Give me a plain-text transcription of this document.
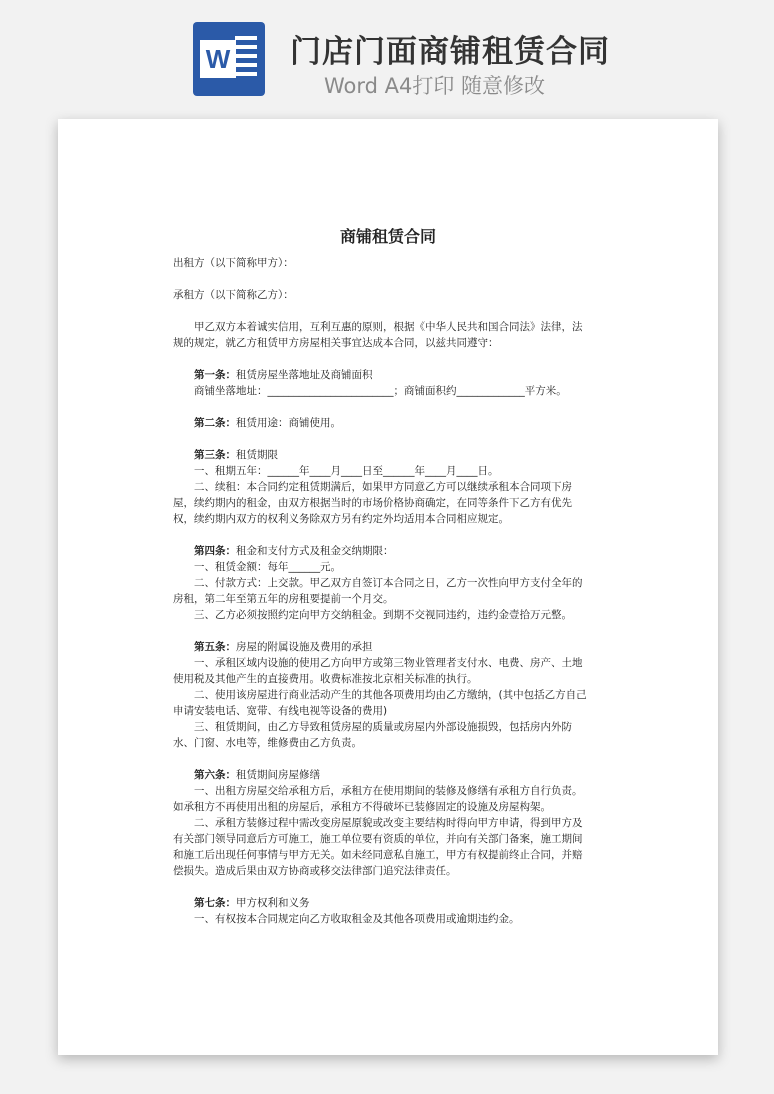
W 门店门面商铺租赁合同
Word A4打印 随意修改
商铺租赁合同

出租方（以下简称甲方）：

承租方（以下简称乙方）：

甲乙双方本着诚实信用，互利互惠的原则，根据《中华人民共和国合同法》法律，法

规的规定，就乙方租赁甲方房屋相关事宜达成本合同，以兹共同遵守：

第一条：租赁房屋坐落地址及商铺面积

商铺坐落地址：________________________；商铺面积约_____________平方米。

第二条：租赁用途：商铺使用。

第三条：租赁期限

一、租期五年：______年____月____日至______年____月____日。

二、续租：本合同约定租赁期满后，如果甲方同意乙方可以继续承租本合同项下房

屋，续约期内的租金，由双方根据当时的市场价格协商确定，在同等条件下乙方有优先

权，续约期内双方的权利义务除双方另有约定外均适用本合同相应规定。

第四条：租金和支付方式及租金交纳期限：

一、租赁金额：每年______元。

二、付款方式：上交款。甲乙双方自签订本合同之日，乙方一次性向甲方支付全年的

房租，第二年至第五年的房租要提前一个月交。

三、乙方必须按照约定向甲方交纳租金。到期不交视同违约，违约金壹拾万元整。

第五条：房屋的附属设施及费用的承担

一、承租区域内设施的使用乙方向甲方或第三物业管理者支付水、电费、房产、土地

使用税及其他产生的直接费用。收费标准按北京相关标准的执行。

二、使用该房屋进行商业活动产生的其他各项费用均由乙方缴纳，(其中包括乙方自己

申请安装电话、宽带、有线电视等设备的费用)

三、租赁期间，由乙方导致租赁房屋的质量或房屋内外部设施损毁，包括房内外防

水、门窗、水电等，维修费由乙方负责。

第六条：租赁期间房屋修缮

一、出租方房屋交给承租方后，承租方在使用期间的装修及修缮有承租方自行负责。

如承租方不再使用出租的房屋后，承租方不得破坏已装修固定的设施及房屋构架。

二、承租方装修过程中需改变房屋原貌或改变主要结构时得向甲方申请，得到甲方及

有关部门领导同意后方可施工，施工单位要有资质的单位，并向有关部门备案，施工期间

和施工后出现任何事情与甲方无关。如未经同意私自施工，甲方有权提前终止合同，并赔

偿损失。造成后果由双方协商或移交法律部门追究法律责任。

第七条：甲方权利和义务

一、有权按本合同规定向乙方收取租金及其他各项费用或逾期违约金。
